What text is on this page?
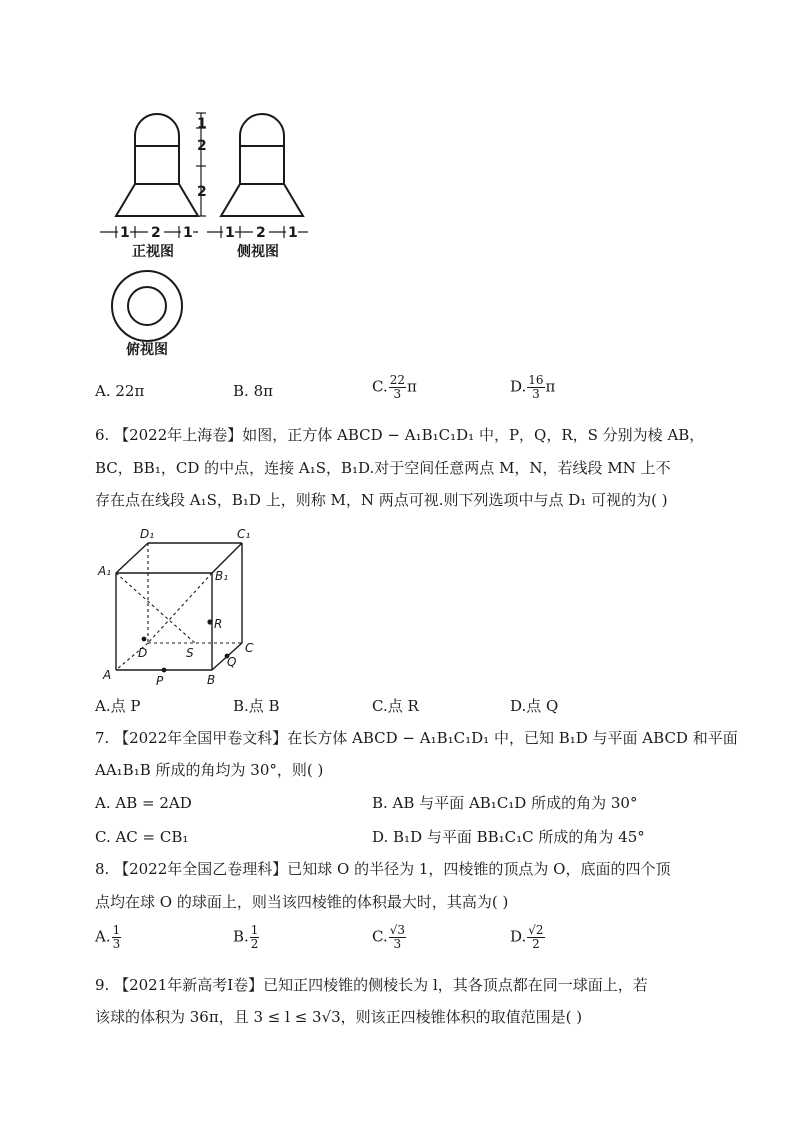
1
2
2
1 2 1 1 2 1
正视图	侧视图
俯视图
A. 22π	B. 8π	C. $\frac{22}{3}$ π	D. $\frac{16}{3}$ π
6. 【2022年上海卷】如图，正方体 ABCD − A₁B₁C₁D₁ 中，P，Q，R，S 分别为棱 AB，
BC，BB₁，CD 的中点，连接 A₁S，B₁D.对于空间任意两点 M，N，若线段 MN 上不
存在点在线段 A₁S，B₁D 上，则称 M，N 两点可视.则下列选项中与点 D₁ 可视的为( )
D₁	C₁
A₁	B₁
R
D	S	C
Q
A	P	B
A.点 P	B.点 B	C.点 R	D.点 Q
7. 【2022年全国甲卷文科】在长方体 ABCD − A₁B₁C₁D₁ 中，已知 B₁D 与平面 ABCD 和平面
AA₁B₁B 所成的角均为 30°，则( )
A. AB = 2AD	B. AB 与平面 AB₁C₁D 所成的角为 30°
C. AC = CB₁	D. B₁D 与平面 BB₁C₁C 所成的角为 45°
8. 【2022年全国乙卷理科】已知球 O 的半径为 1，四棱锥的顶点为 O，底面的四个顶
点均在球 O 的球面上，则当该四棱锥的体积最大时，其高为( )
A. $\frac{1}{3}$	B. $\frac{1}{2}$	C. $\frac{√3}{3}$	D. $\frac{√2}{2}$
9. 【2021年新高考Ⅰ卷】已知正四棱锥的侧棱长为 l，其各顶点都在同一球面上，若
该球的体积为 36π，且 3 ≤ l ≤ 3√3，则该正四棱锥体积的取值范围是( )
